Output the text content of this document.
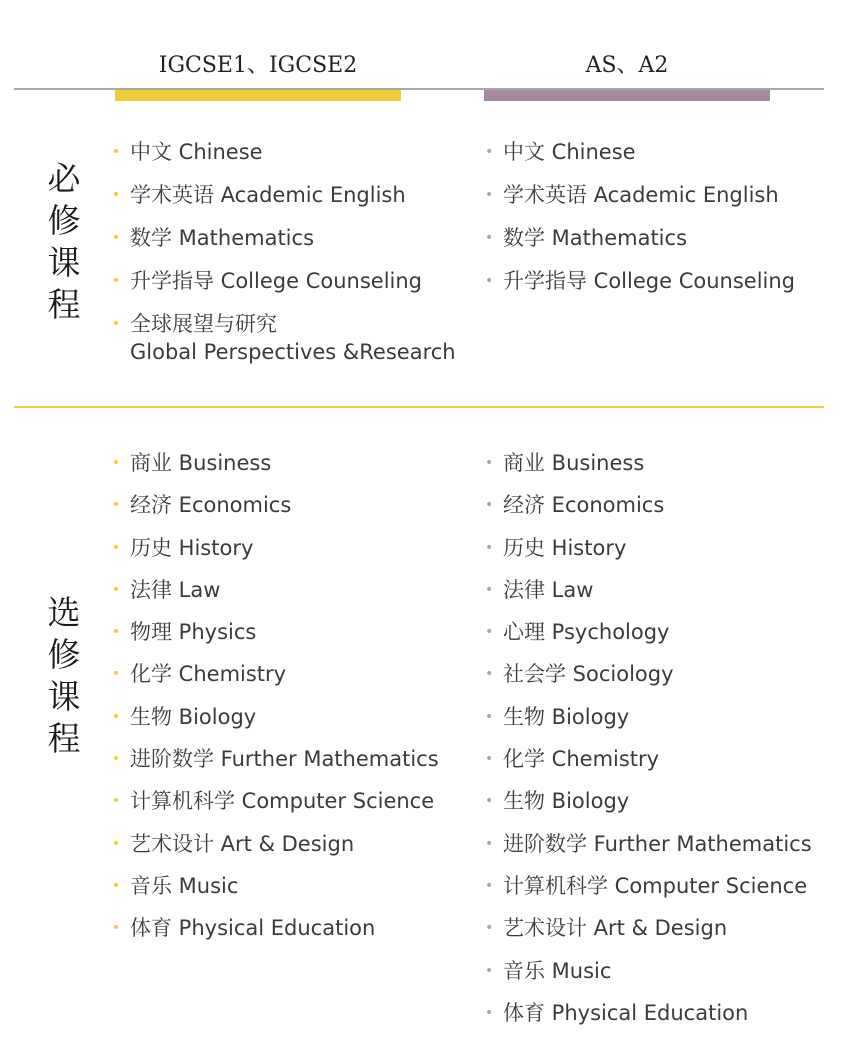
IGCSE1、IGCSE2	AS、A2
必
修
课
程
• 中文 Chinese
• 学术英语 Academic English
• 数学 Mathematics
• 升学指导 College Counseling
• 全球展望与研究
Global Perspectives &Research
• 中文 Chinese
• 学术英语 Academic English
• 数学 Mathematics
• 升学指导 College Counseling
选
修
课
程
• 商业 Business
• 经济 Economics
• 历史 History
• 法律 Law
• 物理 Physics
• 化学 Chemistry
• 生物 Biology
• 进阶数学 Further Mathematics
• 计算机科学 Computer Science
• 艺术设计 Art & Design
• 音乐 Music
• 体育 Physical Education
• 商业 Business
• 经济 Economics
• 历史 History
• 法律 Law
• 心理 Psychology
• 社会学 Sociology
• 生物 Biology
• 化学 Chemistry
• 生物 Biology
• 进阶数学 Further Mathematics
• 计算机科学 Computer Science
• 艺术设计 Art & Design
• 音乐 Music
• 体育 Physical Education
